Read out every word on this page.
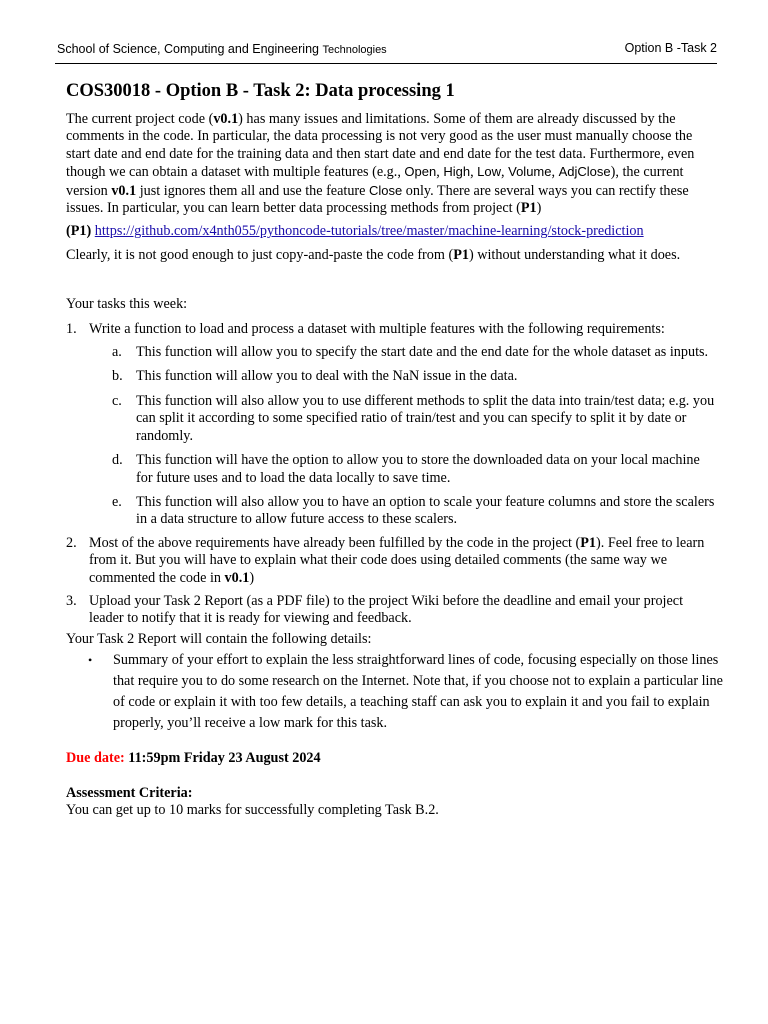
School of Science, Computing and Engineering Technologies	Option B -Task 2
COS30018 - Option B - Task 2: Data processing 1

The current project code (v0.1) has many issues and limitations. Some of them are already discussed by the comments in the code. In particular, the data processing is not very good as the user must manually choose the start date and end date for the training data and then start date and end date for the test data. Furthermore, even though we can obtain a dataset with multiple features (e.g., Open, High, Low, Volume, AdjClose), the current version v0.1 just ignores them all and use the feature Close only. There are several ways you can rectify these issues. In particular, you can learn better data processing methods from project (P1)

(P1) https://github.com/x4nth055/pythoncode-tutorials/tree/master/machine-learning/stock-prediction

Clearly, it is not good enough to just copy-and-paste the code from (P1) without understanding what it does.

Your tasks this week:

1. Write a function to load and process a dataset with multiple features with the following requirements:
a. This function will allow you to specify the start date and the end date for the whole dataset as inputs.
b. This function will allow you to deal with the NaN issue in the data.
c. This function will also allow you to use different methods to split the data into train/test data; e.g. you can split it according to some specified ratio of train/test and you can specify to split it by date or randomly.
d. This function will have the option to allow you to store the downloaded data on your local machine for future uses and to load the data locally to save time.
e. This function will also allow you to have an option to scale your feature columns and store the scalers in a data structure to allow future access to these scalers.
2. Most of the above requirements have already been fulfilled by the code in the project (P1). Feel free to learn from it. But you will have to explain what their code does using detailed comments (the same way we commented the code in v0.1)
3. Upload your Task 2 Report (as a PDF file) to the project Wiki before the deadline and email your project leader to notify that it is ready for viewing and feedback.

Your Task 2 Report will contain the following details:

• Summary of your effort to explain the less straightforward lines of code, focusing especially on those lines that require you to do some research on the Internet. Note that, if you choose not to explain a particular line of code or explain it with too few details, a teaching staff can ask you to explain it and you fail to explain properly, you’ll receive a low mark for this task.

Due date: 11:59pm Friday 23 August 2024

Assessment Criteria:

You can get up to 10 marks for successfully completing Task B.2.
